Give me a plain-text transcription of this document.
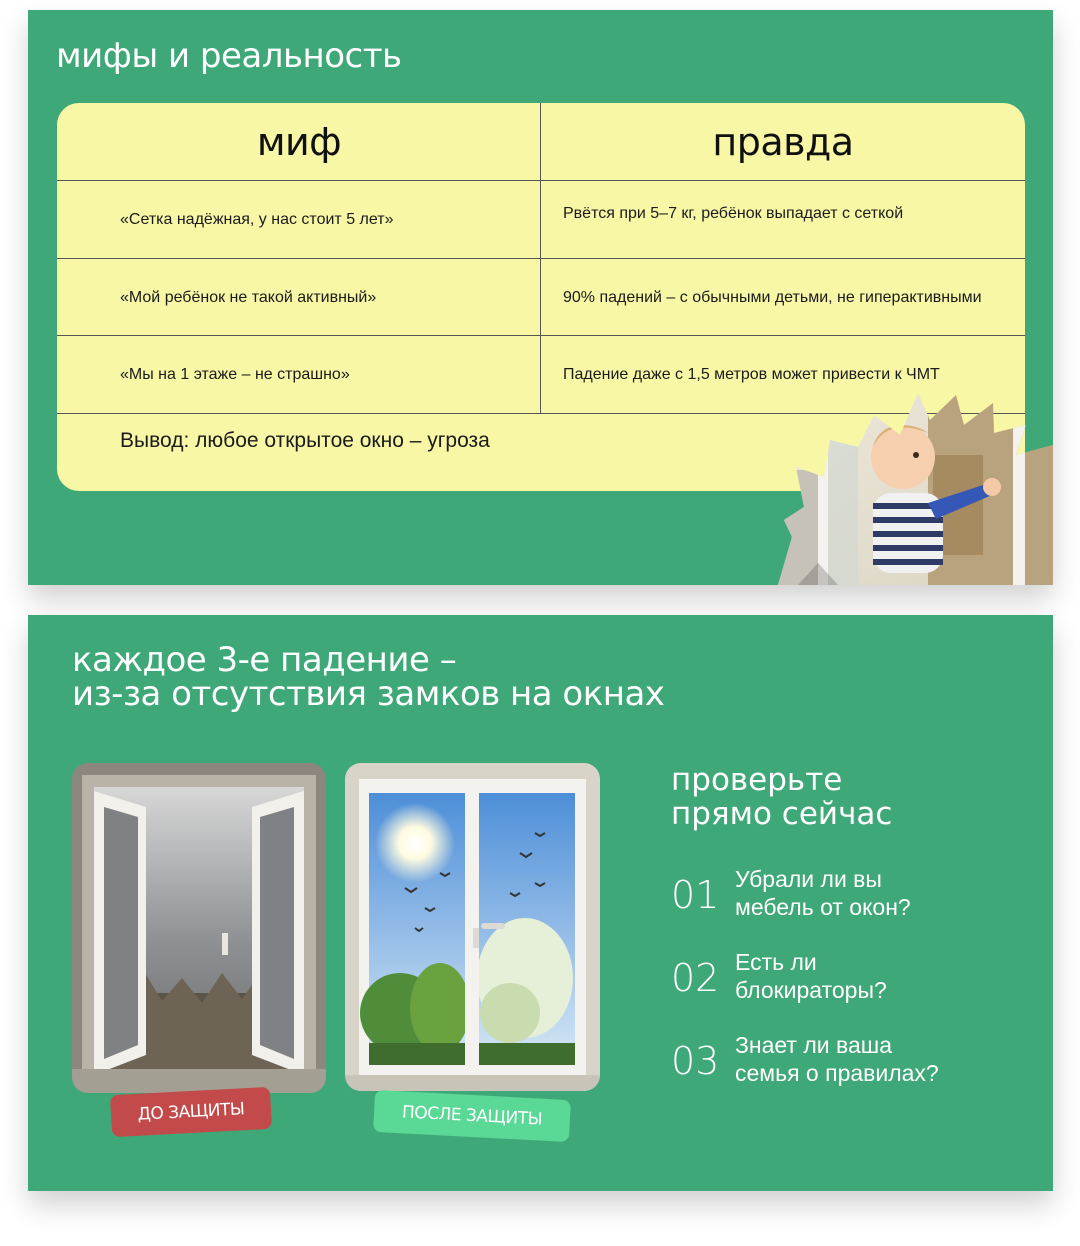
мифы и реальность
миф	правда
«Сетка надёжная, у нас стоит 5 лет»	Рвётся при 5–7 кг, ребёнок выпадает с сеткой
«Мой ребёнок не такой активный»	90% падений – с обычными детьми, не гиперактивными
«Мы на 1 этаже – не страшно»	Падение даже с 1,5 метров может привести к ЧМТ
Вывод: любое открытое окно – угроза
каждое 3-е падение –
из-за отсутствия замков на окнах
ДО ЗАЩИТЫ	ПОСЛЕ ЗАЩИТЫ
проверьте
прямо сейчас
01 Убрали ли вы
мебель от окон?
02 Есть ли
блокираторы?
03 Знает ли ваша
семья о правилах?
